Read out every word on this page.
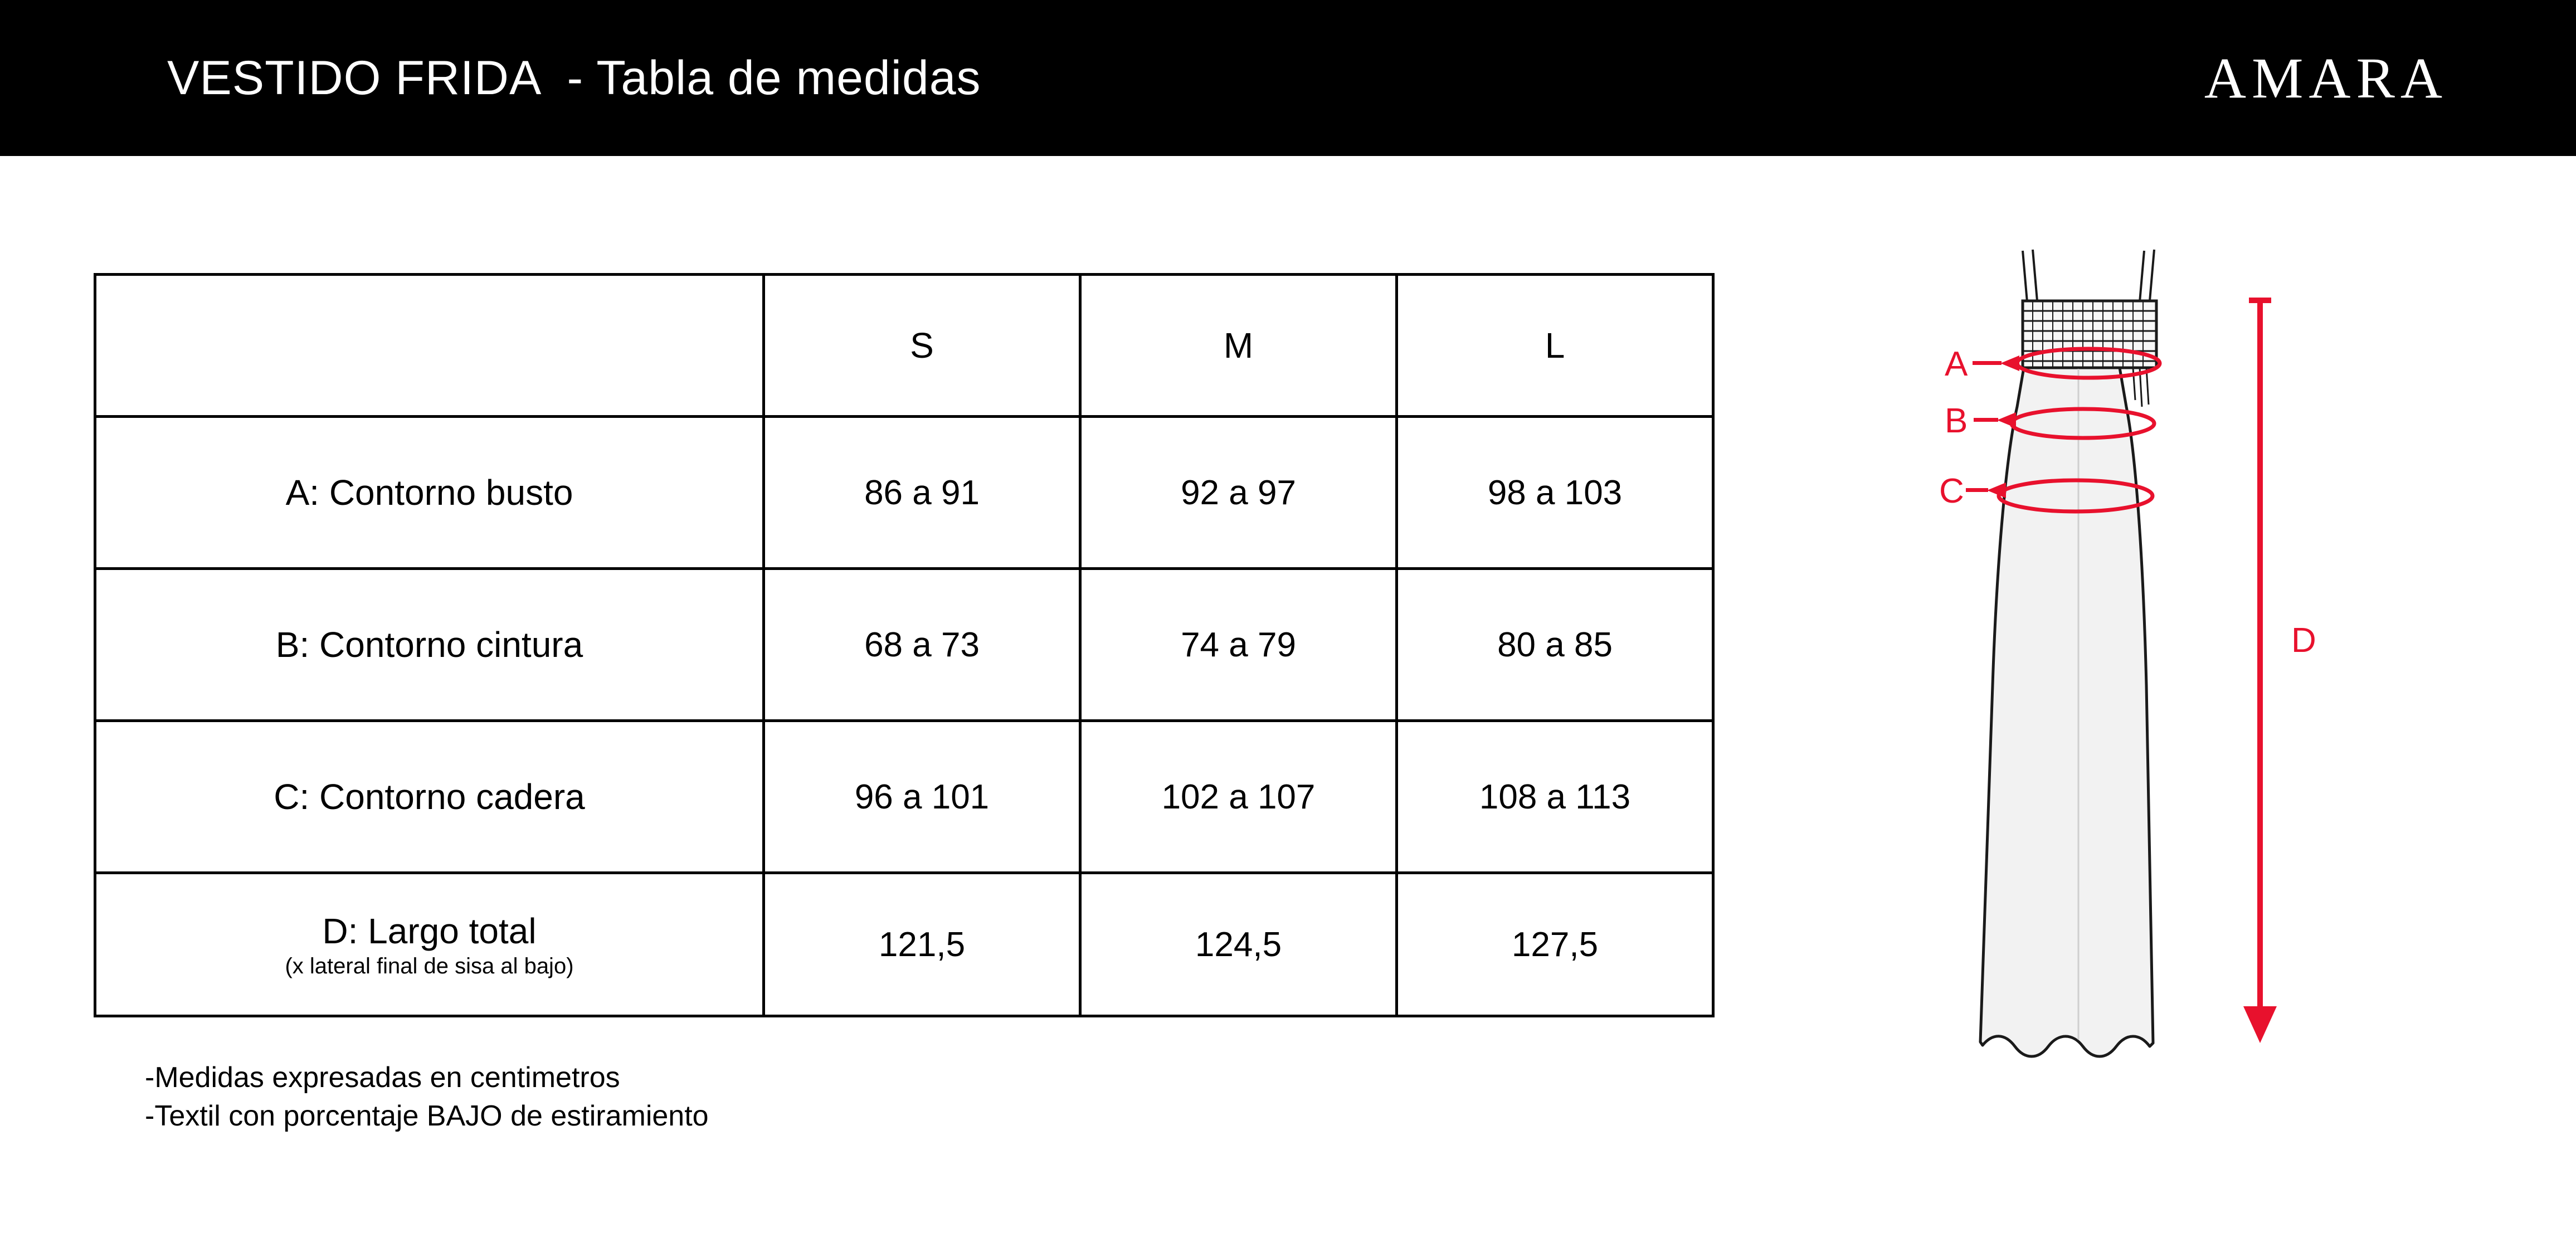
VESTIDO FRIDA  - Tabla de medidas	AMARA
	S	M	L
A: Contorno busto	86 a 91	92 a 97	98 a 103
B: Contorno cintura	68 a 73	74 a 79	80 a 85
C: Contorno cadera	96 a 101	102 a 107	108 a 113
D: Largo total
(x lateral final de sisa al bajo)	121,5	124,5	127,5
-Medidas expresadas en centimetros
-Textil con porcentaje BAJO de estiramiento
A
B
C
D
